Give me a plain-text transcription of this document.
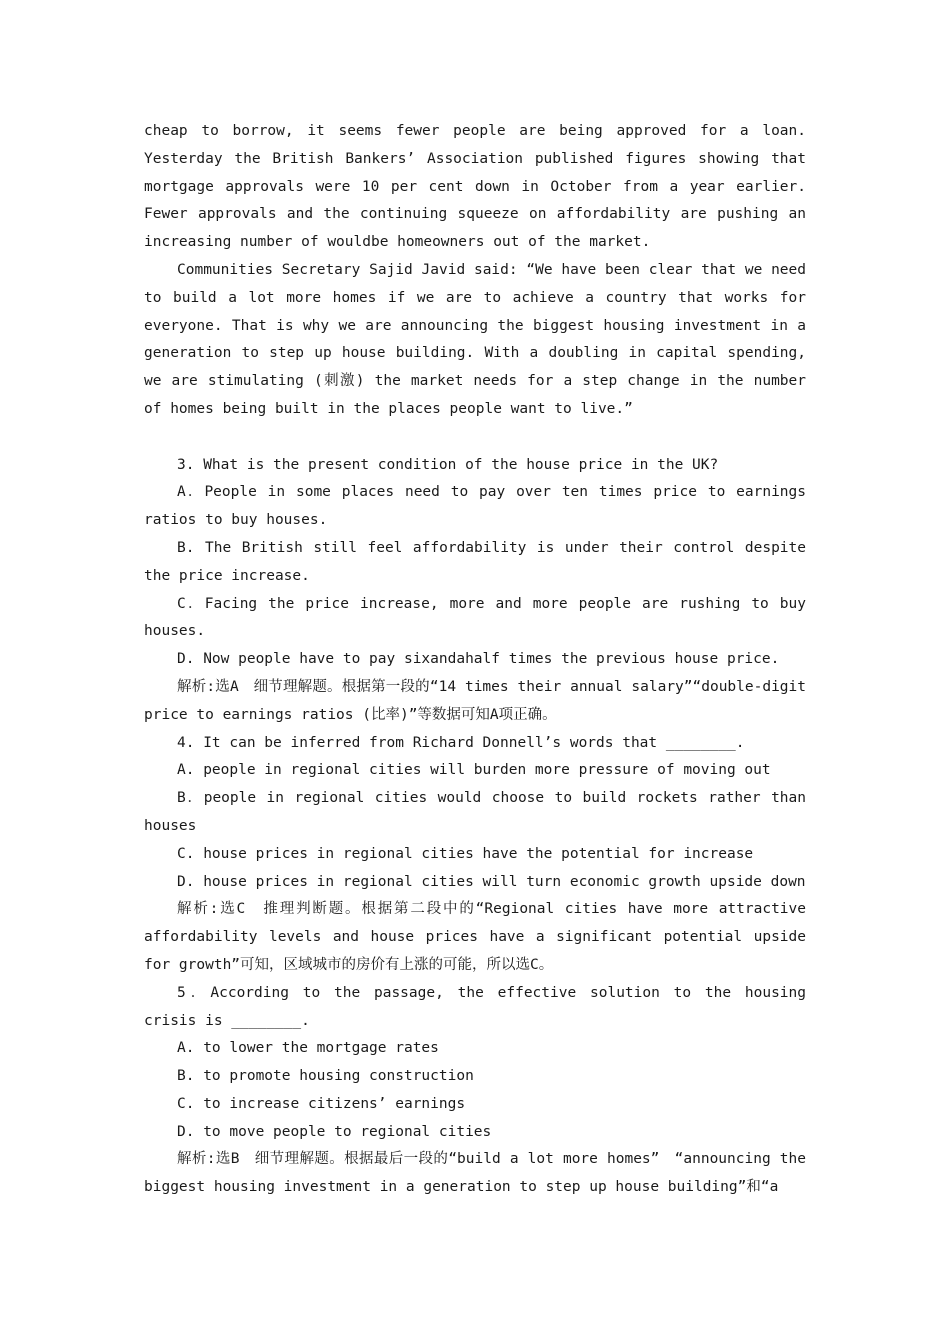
cheap to borrow, it seems fewer people are being approved for a loan. Yesterday the British Bankers’ Association published figures showing that mortgage approvals were 10 per cent down in October from a year earlier. Fewer approvals and the continuing squeeze on affordability are pushing an increasing number of wouldbe homeowners out of the market.

Communities Secretary Sajid Javid said: “We have been clear that we need to build a lot more homes if we are to achieve a country that works for everyone. That is why we are announcing the biggest housing investment in a generation to step up house building. With a doubling in capital spending, we are stimulating (刺激) the market needs for a step change in the number of homes being built in the places people want to live.”

3. What is the present condition of the house price in the UK?

A．People in some places need to pay over ten times price to earnings ratios to buy houses.

B. The British still feel affordability is under their control despite the price increase.

C．Facing the price increase, more and more people are rushing to buy houses.

D. Now people have to pay sixandahalf times the previous house price.

解析:选A　细节理解题。根据第一段的“14 times their annual salary”“double-digit price to earnings ratios (比率)”等数据可知A项正确。

4. It can be inferred from Richard Donnell’s words that ________.

A. people in regional cities will burden more pressure of moving out

B．people in regional cities would choose to build rockets rather than houses

C. house prices in regional cities have the potential for increase

D. house prices in regional cities will turn economic growth upside down

解析:选C　推理判断题。根据第二段中的“Regional cities have more attractive affordability levels and house prices have a significant potential upside for growth”可知，区域城市的房价有上涨的可能，所以选C。

5．According to the passage, the effective solution to the housing crisis is ________.

A. to lower the mortgage rates

B. to promote housing construction

C. to increase citizens’ earnings

D. to move people to regional cities

解析:选B　细节理解题。根据最后一段的“build a lot more homes”　“announcing the biggest housing investment in a generation to step up house building”和“a
